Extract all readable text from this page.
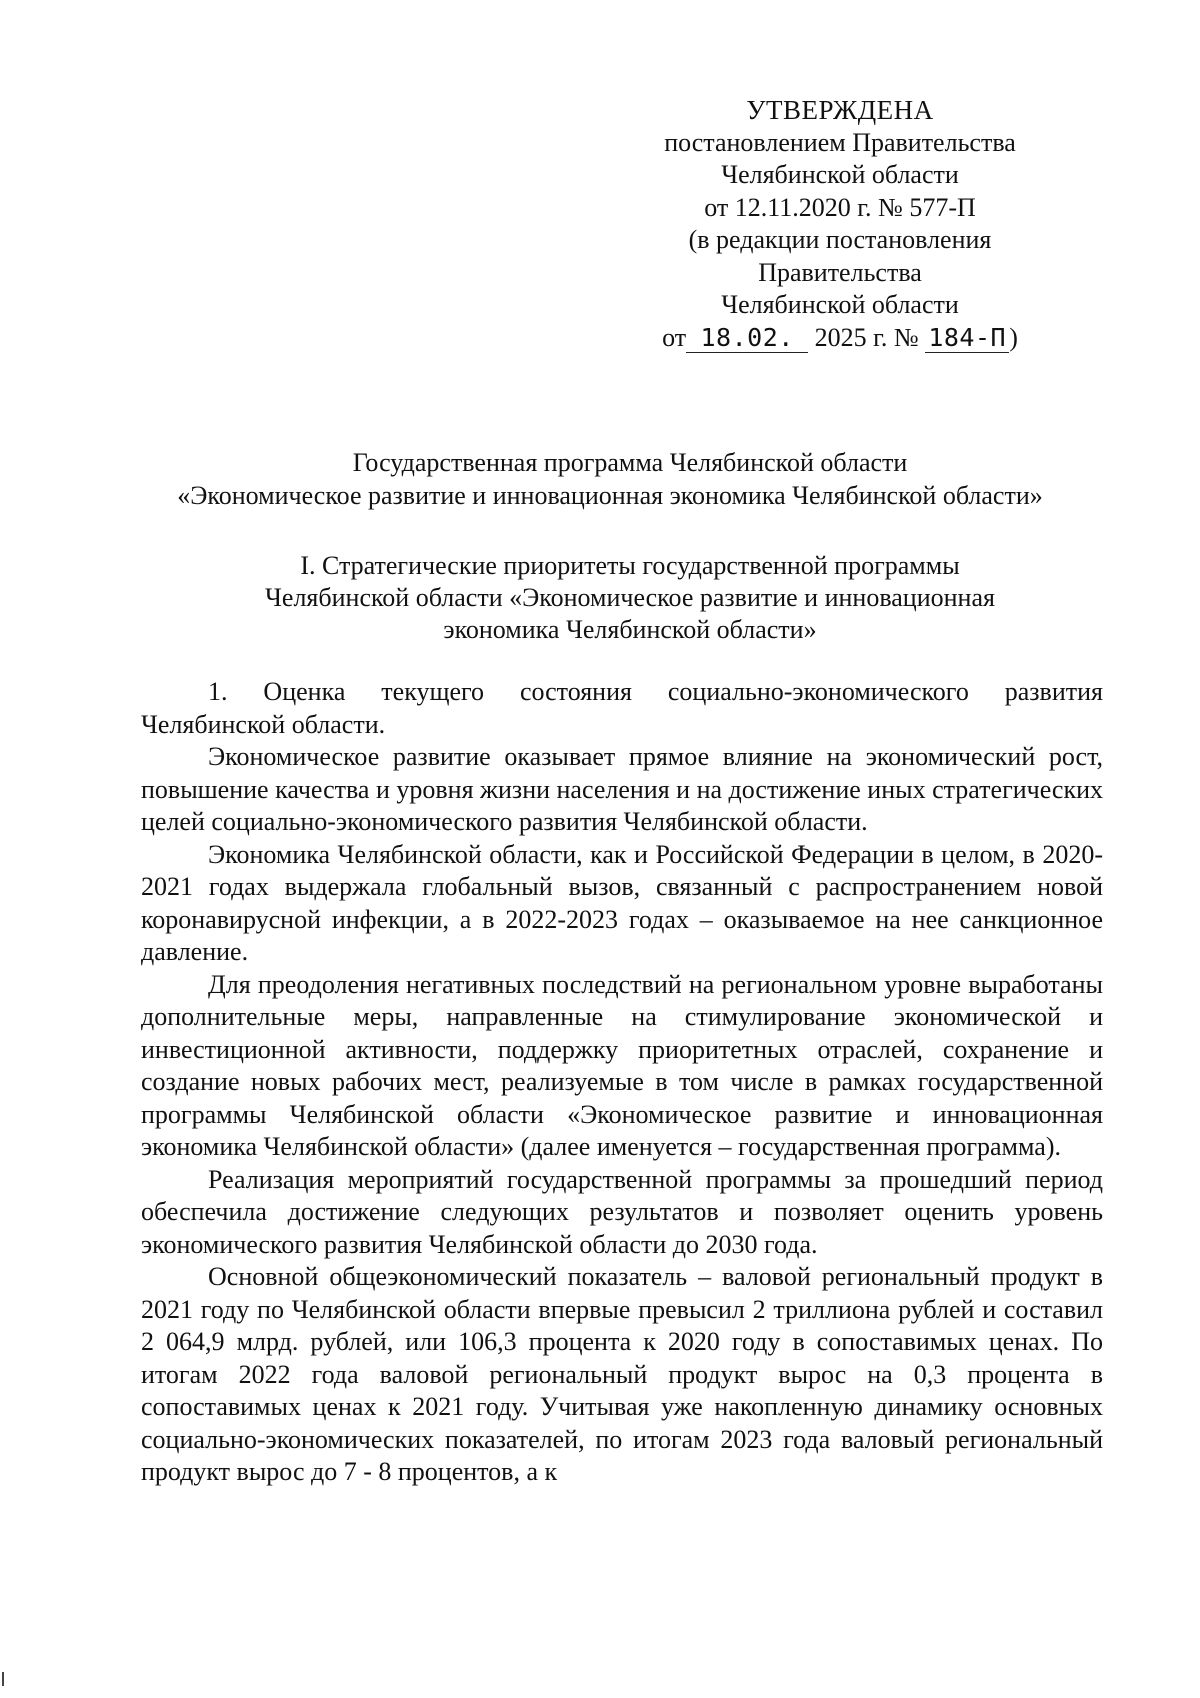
УТВЕРЖДЕНА
постановлением Правительства
Челябинской области
от 12.11.2020 г. № 577-П
(в редакции постановления
Правительства
Челябинской области
от 18.02. 2025 г. № 184-П )
Государственная программа Челябинской области
«Экономическое развитие и инновационная экономика Челябинской области»
I. Стратегические приоритеты государственной программы
Челябинской области «Экономическое развитие и инновационная
экономика Челябинской области»

1. Оценка текущего состояния социально-экономического развития Челябинской области.

Экономическое развитие оказывает прямое влияние на экономический рост, повышение качества и уровня жизни населения и на достижение иных стратегических целей социально-экономического развития Челябинской области.

Экономика Челябинской области, как и Российской Федерации в целом, в 2020-2021 годах выдержала глобальный вызов, связанный с распространением новой коронавирусной инфекции, а в 2022-2023 годах – оказываемое на нее санкционное давление.

Для преодоления негативных последствий на региональном уровне выработаны дополнительные меры, направленные на стимулирование экономической и инвестиционной активности, поддержку приоритетных отраслей, сохранение и создание новых рабочих мест, реализуемые в том числе в рамках государственной программы Челябинской области «Экономическое развитие и инновационная экономика Челябинской области» (далее именуется – государственная программа).

Реализация мероприятий государственной программы за прошедший период обеспечила достижение следующих результатов и позволяет оценить уровень экономического развития Челябинской области до 2030 года.

Основной общеэкономический показатель – валовой региональный продукт в 2021 году по Челябинской области впервые превысил 2 триллиона рублей и составил 2 064,9 млрд. рублей, или 106,3 процента к 2020 году в сопоставимых ценах. По итогам 2022 года валовой региональный продукт вырос на 0,3 процента в сопоставимых ценах к 2021 году. Учитывая уже накопленную динамику основных социально-экономических показателей, по итогам 2023 года валовый региональный продукт вырос до 7 - 8 процентов, а к
